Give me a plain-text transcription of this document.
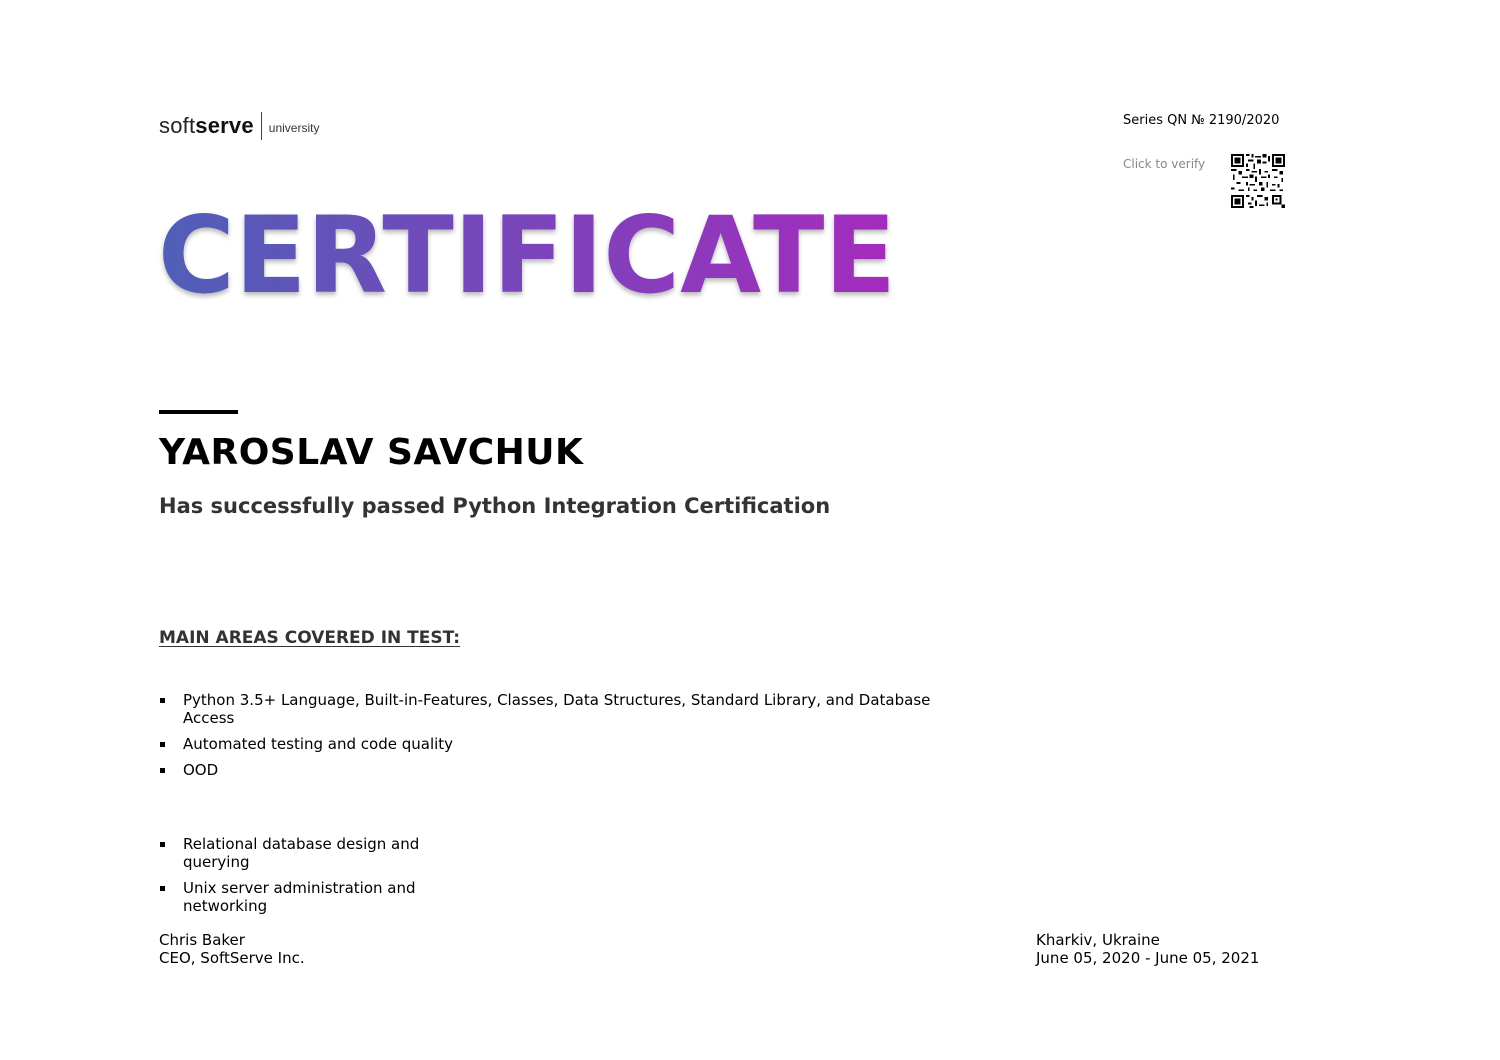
soft serve university	Series QN № 2190/2020
Click to verify
CERTIFICATE
YAROSLAV SAVCHUK
Has successfully passed Python Integration Certification
MAIN AREAS COVERED IN TEST:
Python 3.5+ Language, Built-in-Features, Classes, Data Structures, Standard Library, and Database Access
Automated testing and code quality
OOD
Relational database design and querying
Unix server administration and networking
Chris Baker
CEO, SoftServe Inc.
Kharkiv, Ukraine
June 05, 2020 - June 05, 2021
